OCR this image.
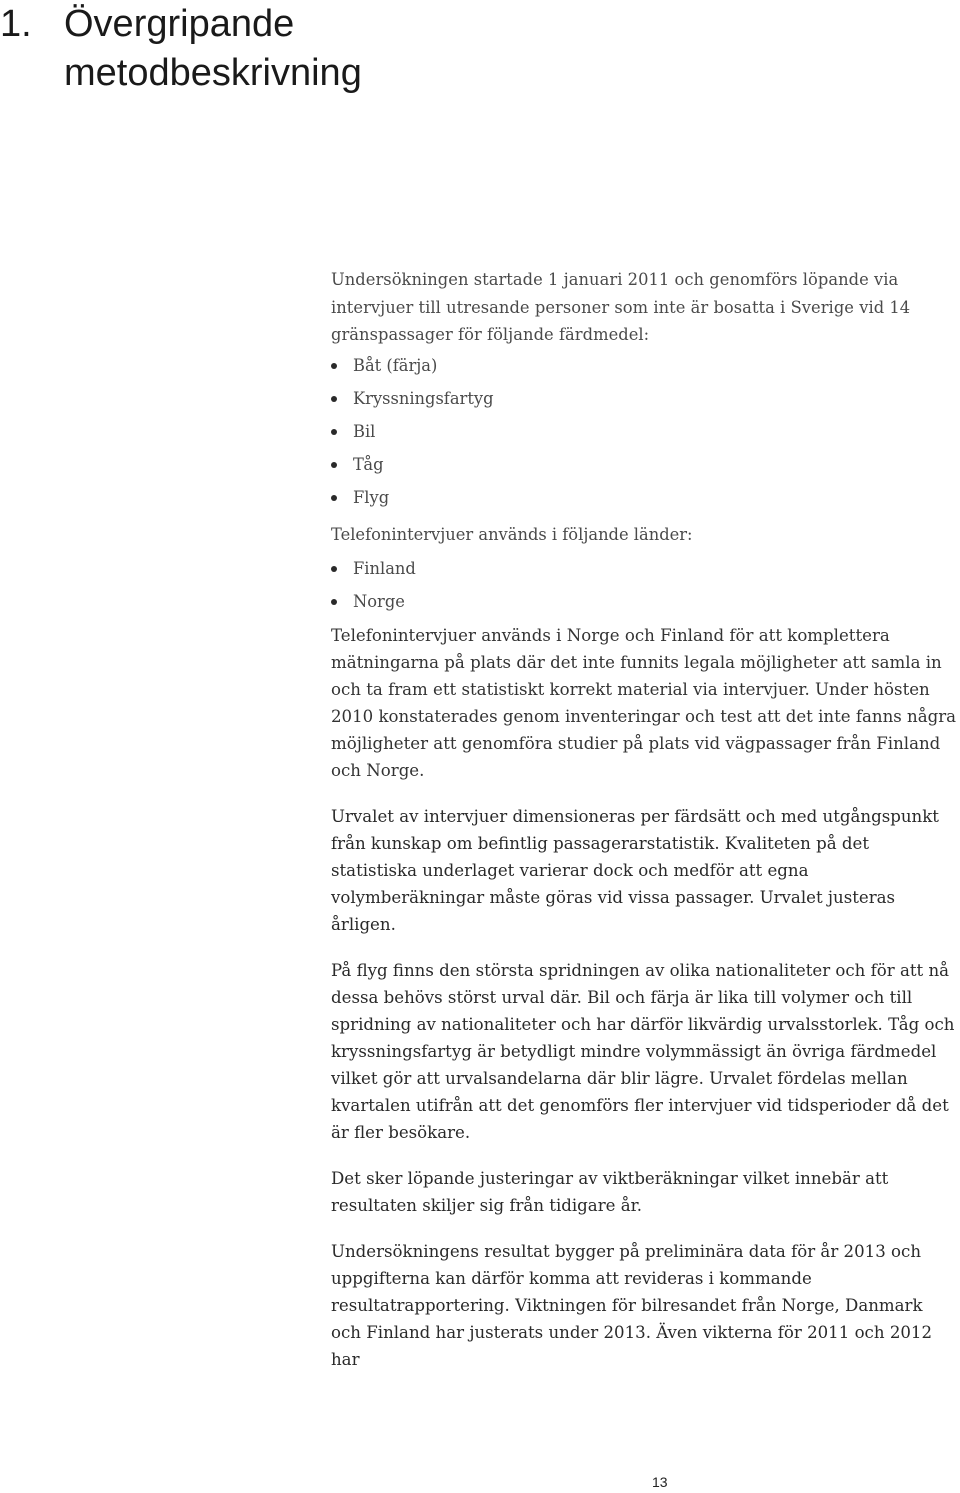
1. Övergripande metodbeskrivning

Undersökningen startade 1 januari 2011 och genomförs löpande via intervjuer till utresande personer som inte är bosatta i Sverige vid 14 gränspassager för följande färdmedel:

Båt (färja)
Kryssningsfartyg
Bil
Tåg
Flyg

Telefonintervjuer används i följande länder:

Finland
Norge

Telefonintervjuer används i Norge och Finland för att komplettera mätningarna på plats där det inte funnits legala möjligheter att samla in och ta fram ett statistiskt korrekt material via intervjuer. Under hösten 2010 konstaterades genom inventeringar och test att det inte fanns några möjligheter att genomföra studier på plats vid vägpassager från Finland och Norge.

Urvalet av intervjuer dimensioneras per färdsätt och med utgångspunkt från kunskap om befintlig passagerarstatistik. Kvaliteten på det statistiska underlaget varierar dock och medför att egna volymberäkningar måste göras vid vissa passager. Urvalet justeras årligen.

På flyg finns den största spridningen av olika nationaliteter och för att nå dessa behövs störst urval där. Bil och färja är lika till volymer och till spridning av nationaliteter och har därför likvärdig urvalsstorlek. Tåg och kryssningsfartyg är betydligt mindre volymmässigt än övriga färdmedel vilket gör att urvalsandelarna där blir lägre. Urvalet fördelas mellan kvartalen utifrån att det genomförs fler intervjuer vid tidsperioder då det är fler besökare.

Det sker löpande justeringar av viktberäkningar vilket innebär att resultaten skiljer sig från tidigare år.

Undersökningens resultat bygger på preliminära data för år 2013 och uppgifterna kan därför komma att revideras i kommande resultatrapportering. Viktningen för bilresandet från Norge, Danmark och Finland har justerats under 2013. Även vikterna för 2011 och 2012 har

13
